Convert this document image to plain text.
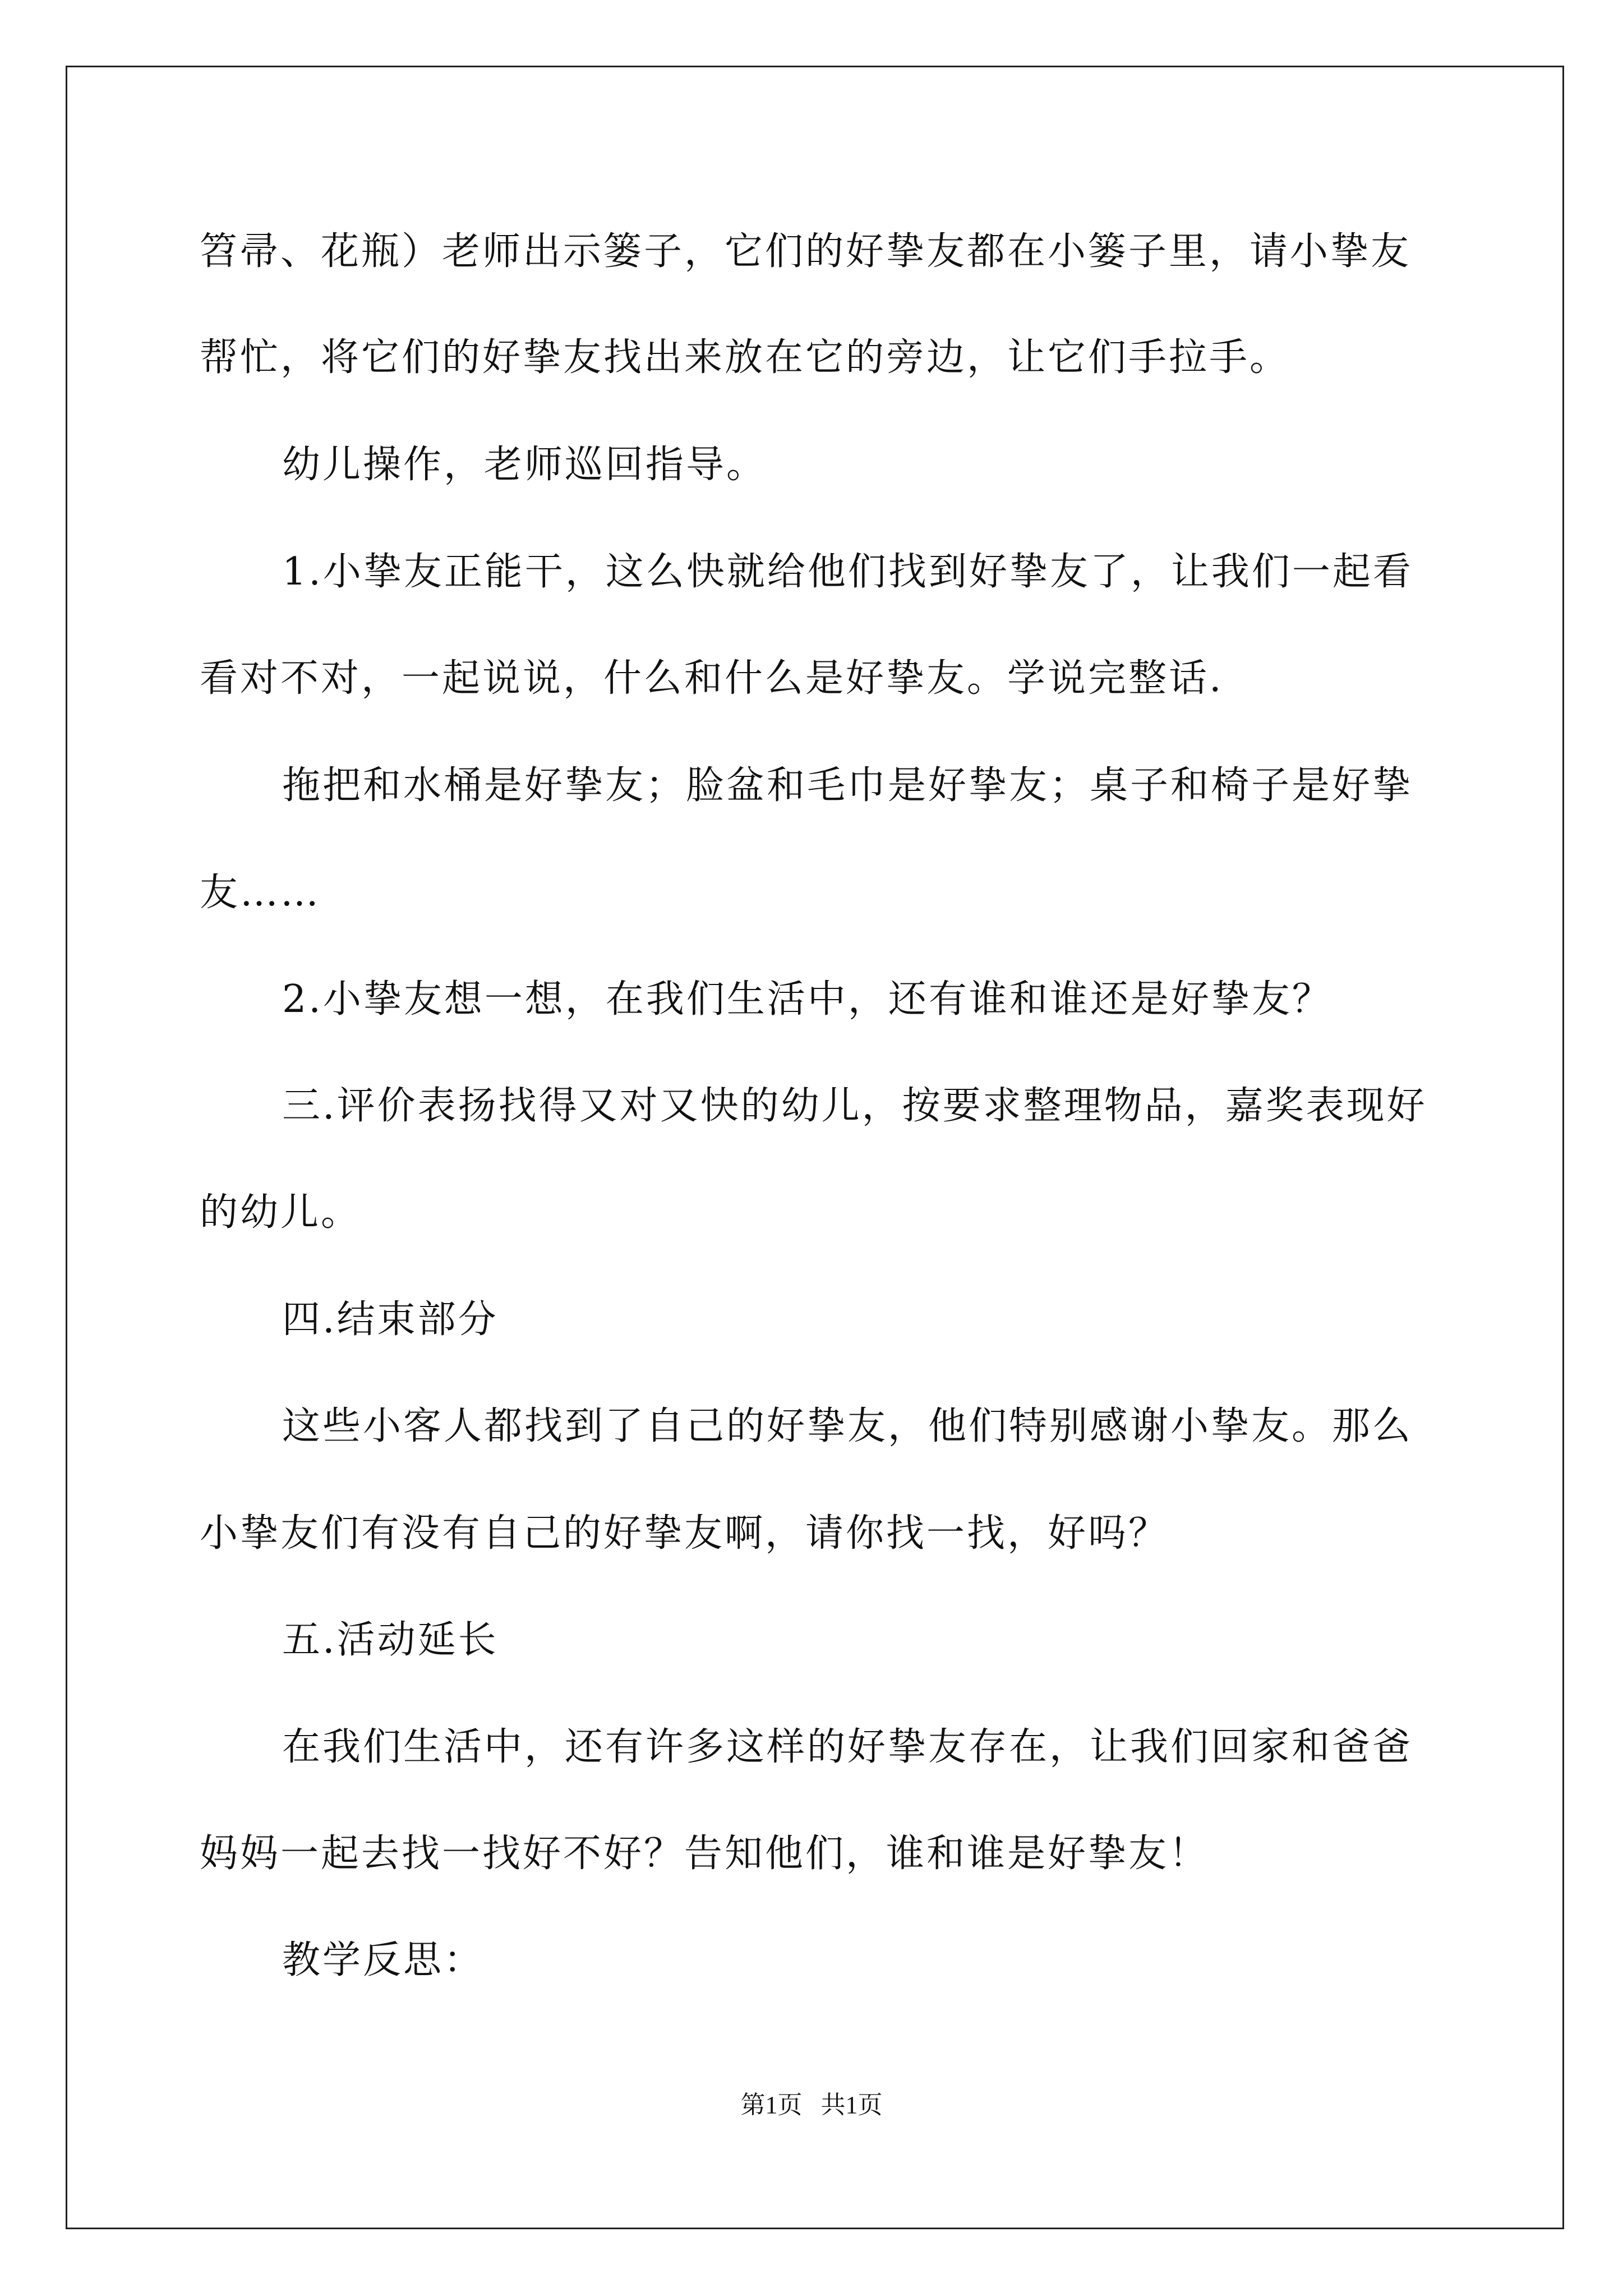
笤帚、花瓶）老师出示篓子，它们的好挚友都在小篓子里，请小挚友
帮忙，将它们的好挚友找出来放在它的旁边，让它们手拉手。
幼儿操作，老师巡回指导。
1.小挚友正能干，这么快就给他们找到好挚友了，让我们一起看
看对不对，一起说说，什么和什么是好挚友。学说完整话.
拖把和水桶是好挚友；脸盆和毛巾是好挚友；桌子和椅子是好挚
友……
2.小挚友想一想，在我们生活中，还有谁和谁还是好挚友？
三.评价表扬找得又对又快的幼儿，按要求整理物品，嘉奖表现好
的幼儿。
四.结束部分
这些小客人都找到了自己的好挚友，他们特别感谢小挚友。那么
小挚友们有没有自己的好挚友啊，请你找一找，好吗？
五.活动延长
在我们生活中，还有许多这样的好挚友存在，让我们回家和爸爸
妈妈一起去找一找好不好？告知他们，谁和谁是好挚友！
教学反思：
第1页   共1页
